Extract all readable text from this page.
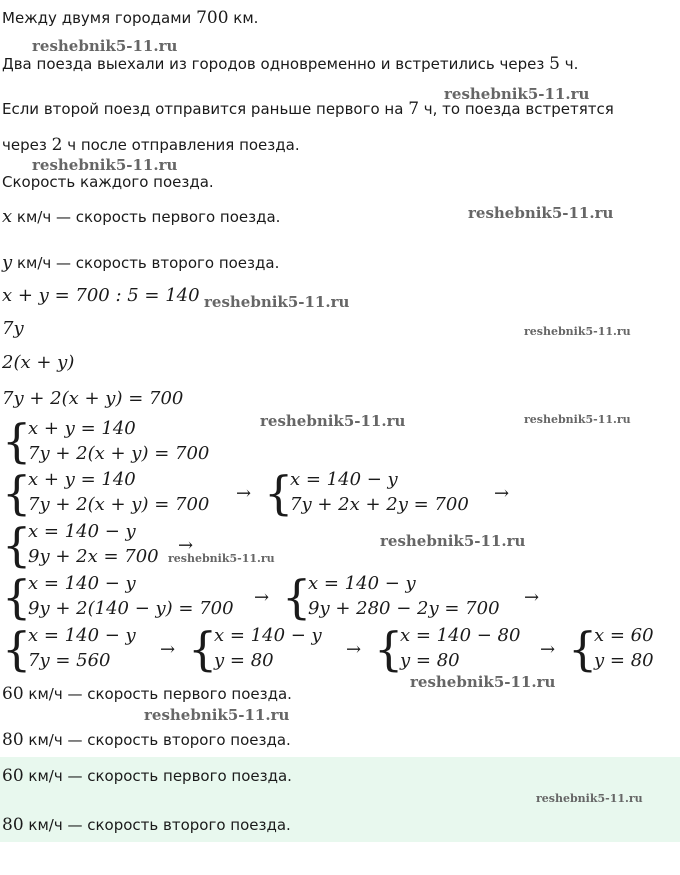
Между двумя городами 700 км.
Два поезда выехали из городов одновременно и встретились через 5 ч.
Если второй поезд отправится раньше первого на 7 ч, то поезда встретятся
через 2 ч после отправления поезда.
Скорость каждого поезда.
x км/ч — скорость первого поезда.
y км/ч — скорость второго поезда.
x + y = 700 : 5 = 140
7y
2(x + y)
7y + 2(x + y) = 700
{
x + y = 140
7y + 2(x + y) = 700
{
x + y = 140
7y + 2(x + y) = 700
→ {
x = 140 − y
7y + 2x + 2y = 700
→
{
x = 140 − y
9y + 2x = 700
→
{
x = 140 − y
9y + 2(140 − y) = 700
→ {
x = 140 − y
9y + 280 − 2y = 700
→
{
x = 140 − y
7y = 560
→ {
x = 140 − y
y = 80
→ {
x = 140 − 80
y = 80
→ {
x = 60
y = 80
60 км/ч — скорость первого поезда.
80 км/ч — скорость второго поезда.
60 км/ч — скорость первого поезда.
80 км/ч — скорость второго поезда.
reshebnik5-11.ru
reshebnik5-11.ru
reshebnik5-11.ru
reshebnik5-11.ru
reshebnik5-11.ru
reshebnik5-11.ru
reshebnik5-11.ru	reshebnik5-11.ru
reshebnik5-11.ru
reshebnik5-11.ru
reshebnik5-11.ru
reshebnik5-11.ru
reshebnik5-11.ru
